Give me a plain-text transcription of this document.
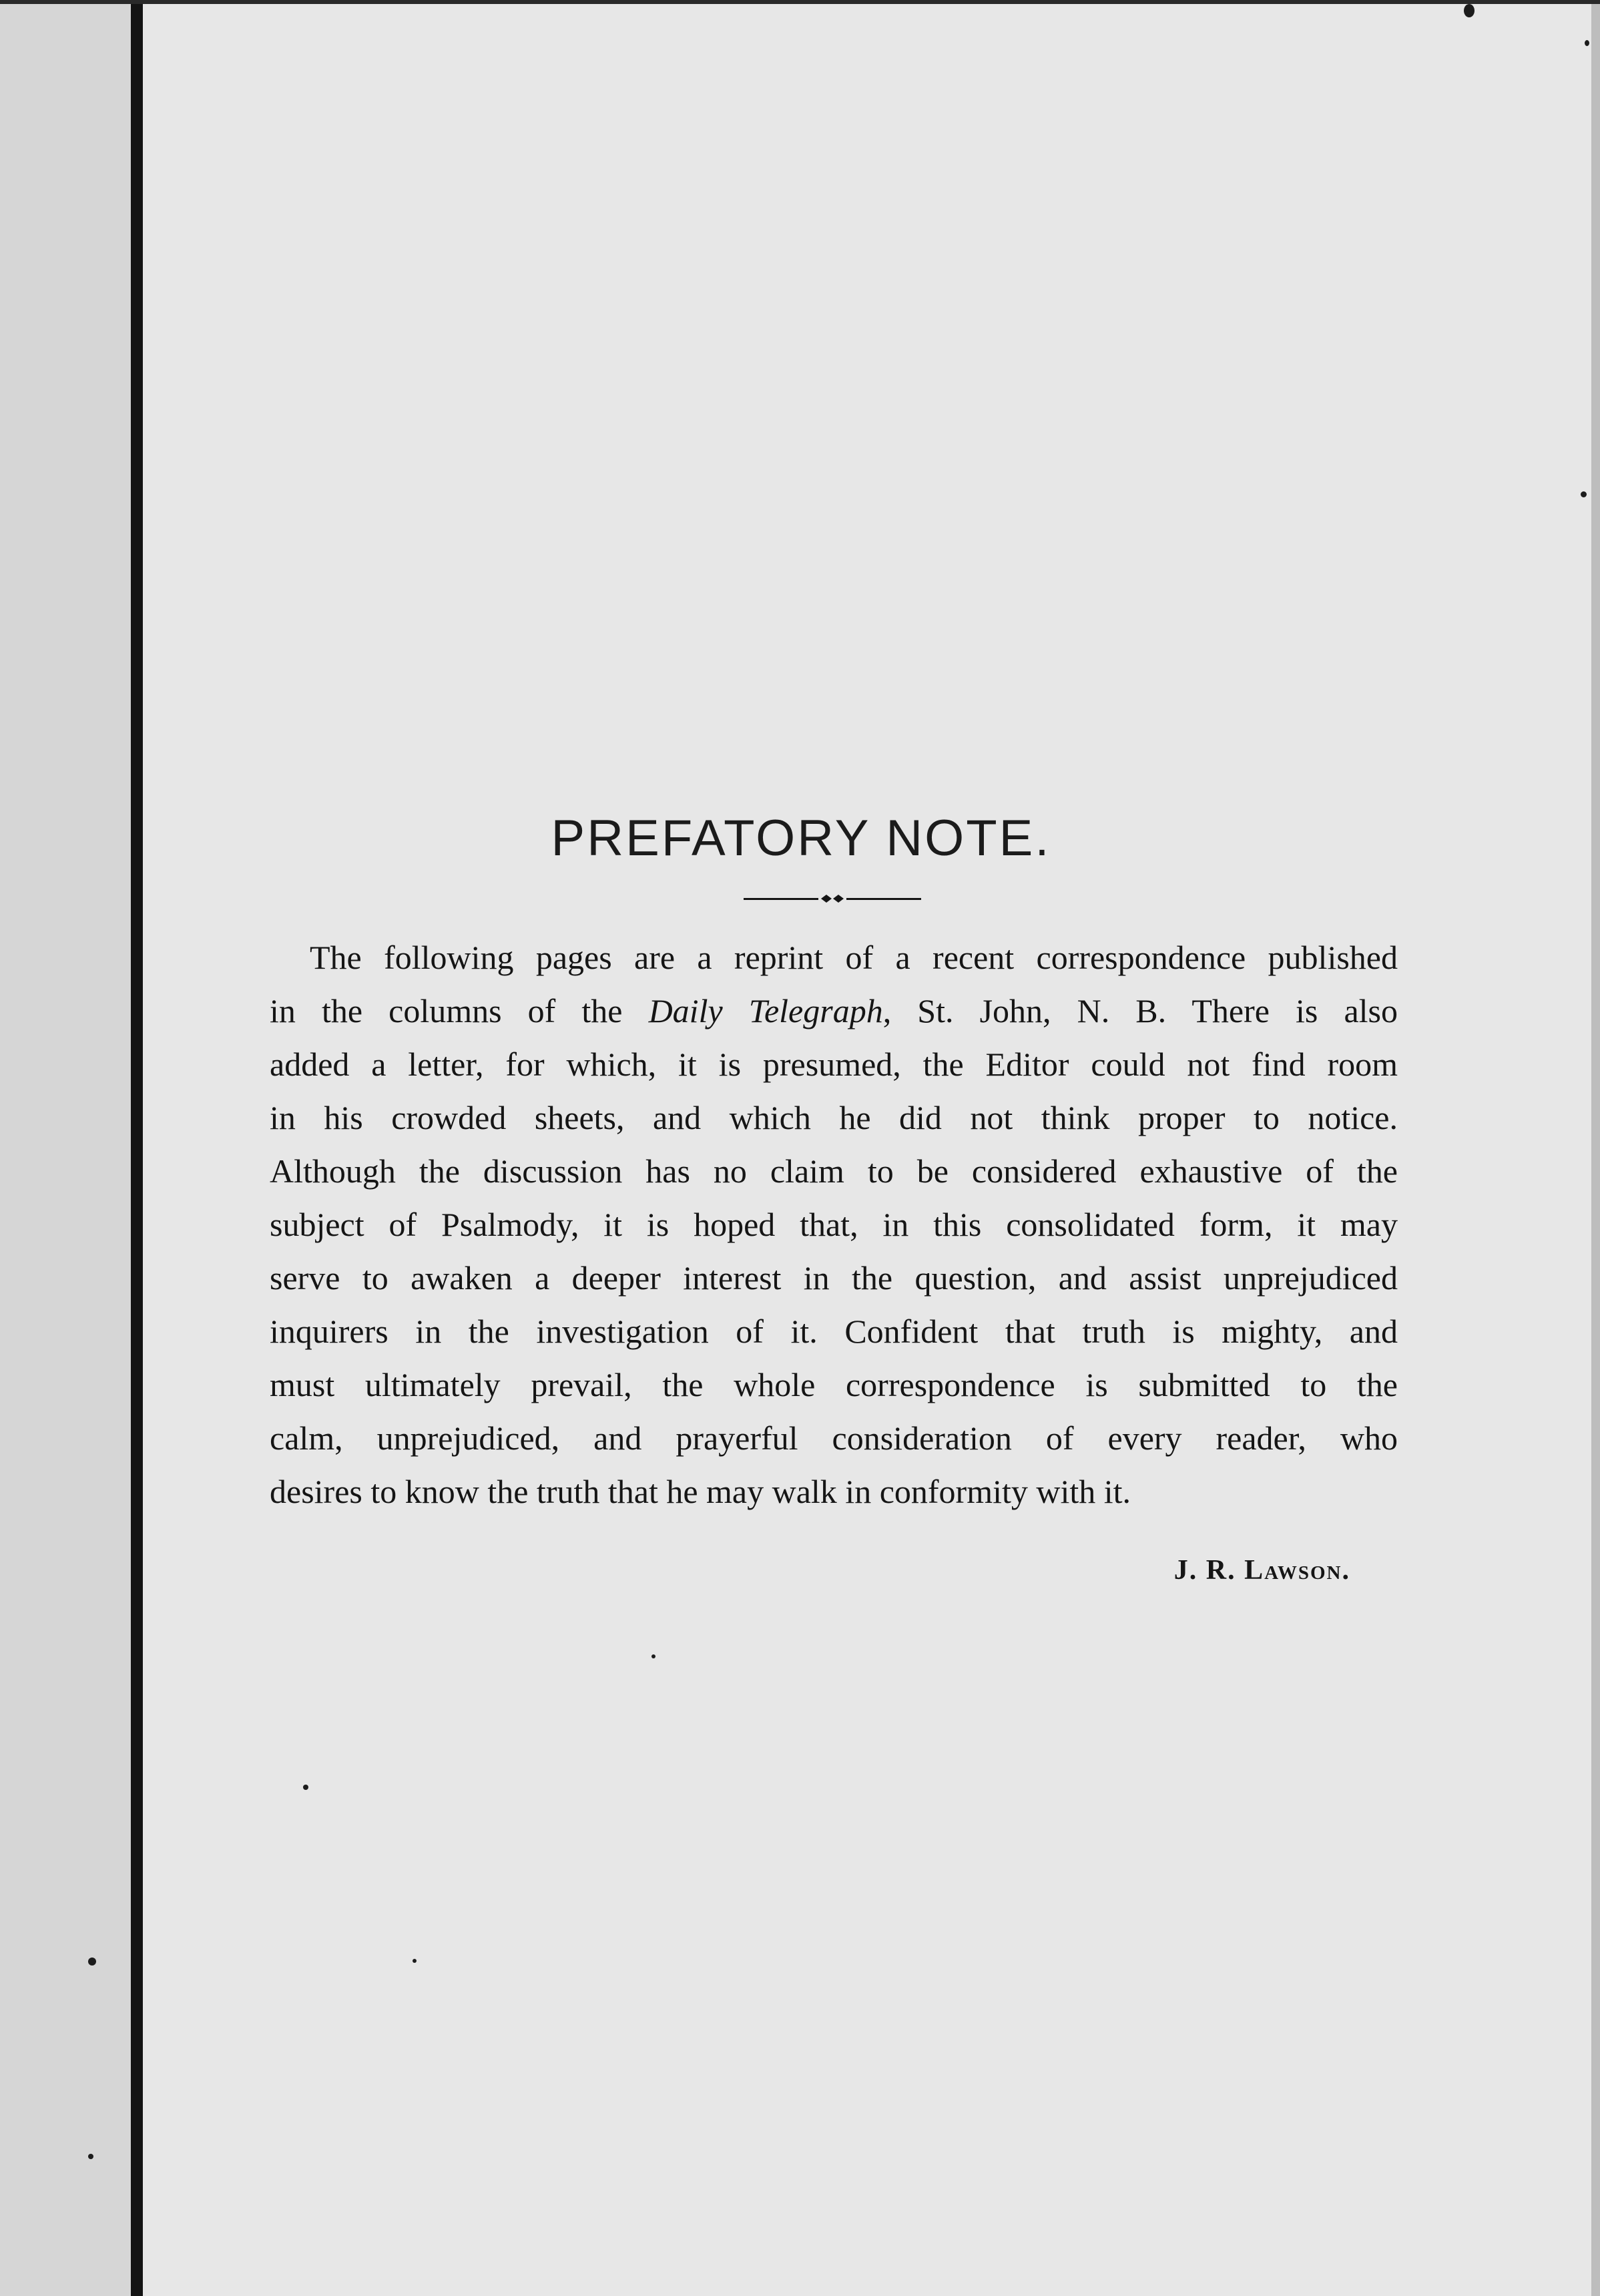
PREFATORY NOTE.
The following pages are a reprint of a recent correspondence published
in the columns of the Daily Telegraph, St. John, N. B. There is also
added a letter, for which, it is presumed, the Editor could not find room
in his crowded sheets, and which he did not think proper to notice.
Although the discussion has no claim to be considered exhaustive of the
subject of Psalmody, it is hoped that, in this consolidated form, it may
serve to awaken a deeper interest in the question, and assist unprejudiced
inquirers in the investigation of it. Confident that truth is mighty, and
must ultimately prevail, the whole correspondence is submitted to the
calm, unprejudiced, and prayerful consideration of every reader, who
desires to know the truth that he may walk in conformity with it.
J. R. Lawson.
